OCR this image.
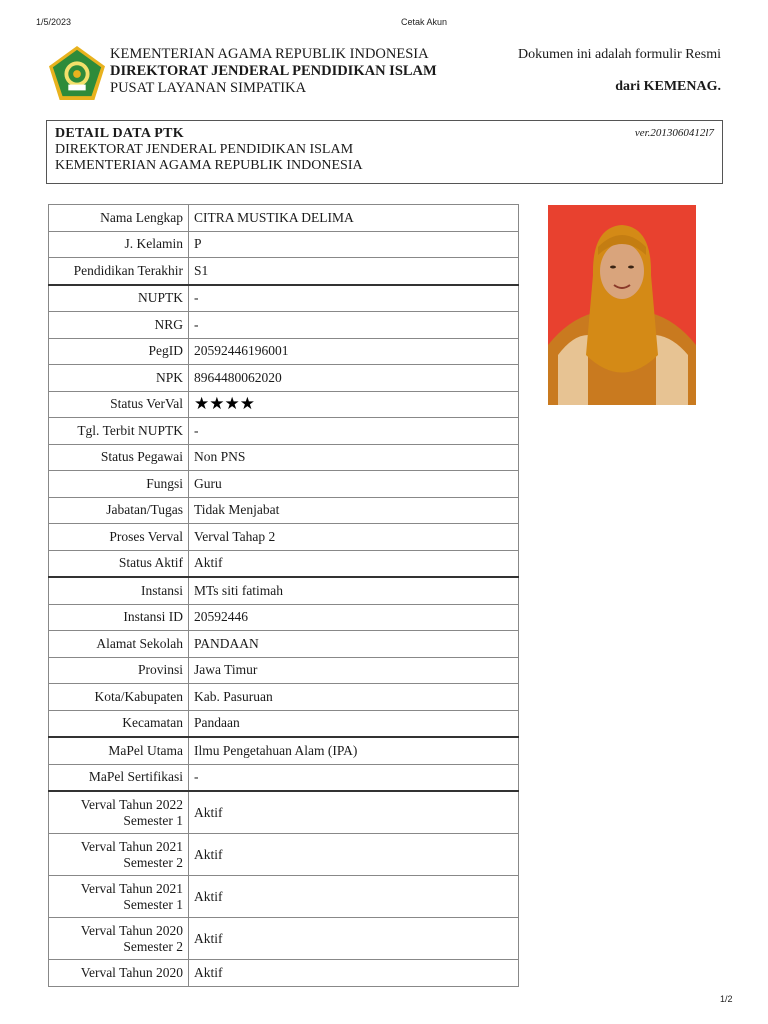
1/5/2023	Cetak Akun
KEMENTERIAN AGAMA REPUBLIK INDONESIA
DIREKTORAT JENDERAL PENDIDIKAN ISLAM
PUSAT LAYANAN SIMPATIKA
Dokumen ini adalah formulir Resmi
dari KEMENAG.
DETAIL DATA PTK
DIREKTORAT JENDERAL PENDIDIKAN ISLAM
KEMENTERIAN AGAMA REPUBLIK INDONESIA
ver.2013060412l7
Nama Lengkap	CITRA MUSTIKA DELIMA
J. Kelamin	P
Pendidikan Terakhir	S1
NUPTK	-
NRG	-
PegID	20592446196001
NPK	8964480062020
Status VerVal	★★★★
Tgl. Terbit NUPTK	-
Status Pegawai	Non PNS
Fungsi	Guru
Jabatan/Tugas	Tidak Menjabat
Proses Verval	Verval Tahap 2
Status Aktif	Aktif
Instansi	MTs siti fatimah
Instansi ID	20592446
Alamat Sekolah	PANDAAN
Provinsi	Jawa Timur
Kota/Kabupaten	Kab. Pasuruan
Kecamatan	Pandaan
MaPel Utama	Ilmu Pengetahuan Alam (IPA)
MaPel Sertifikasi	-

Verval Tahun 2022
Semester 1	Aktif

Verval Tahun 2021
Semester 2	Aktif

Verval Tahun 2021
Semester 1	Aktif

Verval Tahun 2020
Semester 2	Aktif

Verval Tahun 2020	Aktif
1/2
